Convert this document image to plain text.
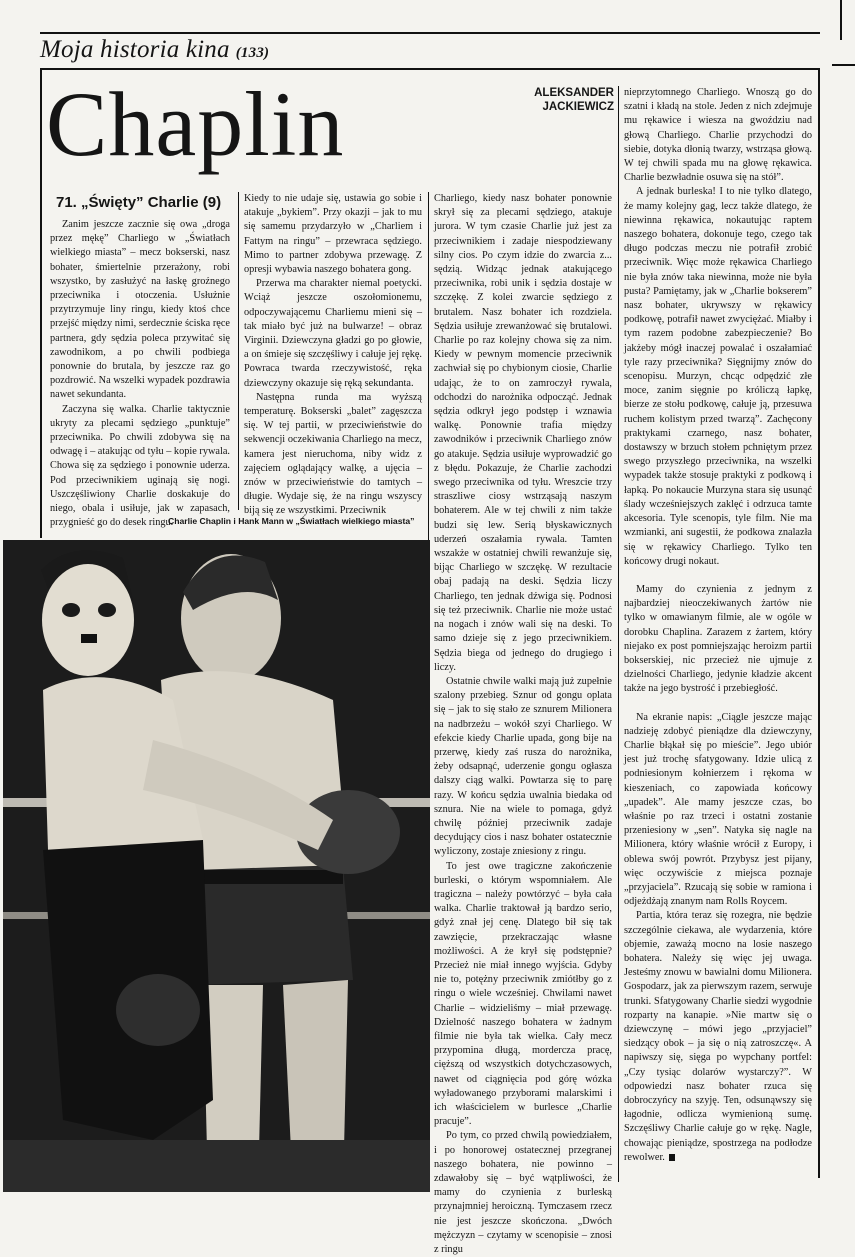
Moja historia kina (133)
Chaplin	ALEKSANDER
JACKIEWICZ
71. „Święty” Charlie (9)

Zanim jeszcze zacznie się owa „droga przez mękę” Charliego w „Światłach wielkiego miasta” – mecz bokserski, nasz bohater, śmiertelnie przerażony, robi wszystko, by zasłużyć na łaskę groźnego przeciwnika i otoczenia. Usłużnie przytrzymuje liny ringu, kiedy ktoś chce przejść między nimi, serdecznie ściska ręce partnera, gdy sędzia poleca przywitać się zawodnikom, a po chwili podbiega ponownie do brutala, by jeszcze raz go pozdrowić. Na wszelki wypadek pozdrawia nawet sekundanta.

Zaczyna się walka. Charlie taktycznie ukryty za plecami sędziego „punktuje” przeciwnika. Po chwili zdobywa się na odwagę i – atakując od tyłu – kopie rywala. Chowa się za sędziego i ponownie uderza. Pod przeciwnikiem uginają się nogi. Uszczęśliwiony Charlie doskakuje do niego, obala i usiłuje, jak w zapasach, przygnieść go do desek ringu.

Kiedy to nie udaje się, ustawia go sobie i atakuje „bykiem”. Przy okazji – jak to mu się samemu przydarzyło w „Charliem i Fattym na ringu” – przewraca sędziego. Mimo to partner zdobywa przewagę. Z opresji wybawia naszego bohatera gong.

Przerwa ma charakter niemal poetycki. Wciąż jeszcze oszołomionemu, odpoczywającemu Charliemu mieni się – tak miało być już na bulwarze! – obraz Virginii. Dziewczyna gładzi go po głowie, a on śmieje się szczęśliwy i całuje jej rękę. Powraca twarda rzeczywistość, ręka dziewczyny okazuje się ręką sekundanta.

Następna runda ma wyższą temperaturę. Bokserski „balet” zagęszcza się. W tej partii, w przeciwieństwie do sekwencji oczekiwania Charliego na mecz, kamera jest nieruchoma, niby widz z zajęciem oglądający walkę, a ujęcia – znów w przeciwieństwie do tamtych – długie. Wydaje się, że na ringu wszyscy biją się ze wszystkimi. Przeciwnik

Charlie Chaplin i Hank Mann w „Światłach wielkiego miasta”

Charliego, kiedy nasz bohater ponownie skrył się za plecami sędziego, atakuje jurora. W tym czasie Charlie już jest za przeciwnikiem i zadaje niespodziewany silny cios. Po czym idzie do zwarcia z... sędzią. Widząc jednak atakującego przeciwnika, robi unik i sędzia dostaje w szczękę. Z kolei zwarcie sędziego z brutalem. Nasz bohater ich rozdziela. Sędzia usiłuje zrewanżować się brutalowi. Charlie po raz kolejny chowa się za nim. Kiedy w pewnym momencie przeciwnik zachwiał się po chybionym ciosie, Charlie udając, że to on zamroczył rywala, odchodzi do narożnika odpocząć. Jednak sędzia odkrył jego podstęp i wznawia walkę. Ponownie trafia między zawodników i przeciwnik Charliego znów go atakuje. Sędzia usiłuje wyprowadzić go z błędu. Pokazuje, że Charlie zachodzi swego przeciwnika od tyłu. Wreszcie trzy straszliwe ciosy wstrząsają naszym bohaterem. Ale w tej chwili z nim także budzi się lew. Serią błyskawicznych uderzeń oszałamia rywala. Tamten wszakże w ostatniej chwili rewanżuje się, bijąc Charliego w szczękę. W rezultacie obaj padają na deski. Sędzia liczy Charliego, ten jednak dźwiga się. Podnosi się też przeciwnik. Charlie nie może ustać na nogach i znów wali się na deski. To samo dzieje się z jego przeciwnikiem. Sędzia biega od jednego do drugiego i liczy.

Ostatnie chwile walki mają już zupełnie szalony przebieg. Sznur od gongu oplata się – jak to się stało ze sznurem Milionera na nadbrzeżu – wokół szyi Charliego. W efekcie kiedy Charlie upada, gong bije na przerwę, kiedy zaś rusza do narożnika, żeby odsapnąć, uderzenie gongu ogłasza dalszy ciąg walki. Powtarza się to parę razy. W końcu sędzia uwalnia biedaka od sznura. Nie na wiele to pomaga, gdyż chwilę później przeciwnik zadaje decydujący cios i nasz bohater ostatecznie wyliczony, zostaje zniesiony z ringu.

To jest owe tragiczne zakończenie burleski, o którym wspomniałem. Ale tragiczna – należy powtórzyć – była cała walka. Charlie traktował ją bardzo serio, gdyż znał jej cenę. Dlatego bił się tak zawzięcie, przekraczając własne możliwości. A że krył się podstępnie? Przecież nie miał innego wyjścia. Gdyby nie to, potężny przeciwnik zmiótłby go z ringu o wiele wcześniej. Chwilami nawet Charlie – widzieliśmy – miał przewagę. Dzielność naszego bohatera w żadnym filmie nie była tak wielka. Cały mecz przypomina długą, mordercza pracę, cięższą od wszystkich dotychczasowych, nawet od ciągnięcia pod górę wózka wyładowanego przyborami malarskimi i ich właścicielem w burlesce „Charlie pracuje”.

Po tym, co przed chwilą powiedziałem, i po honorowej ostatecznej przegranej naszego bohatera, nie powinno – zdawałoby się – być wątpliwości, że mamy do czynienia z burleską przynajmniej heroiczną. Tymczasem rzecz nie jest jeszcze skończona. „Dwóch mężczyzn – czytamy w scenopisie – znosi z ringu

nieprzytomnego Charliego. Wnoszą go do szatni i kładą na stole. Jeden z nich zdejmuje mu rękawice i wiesza na gwoździu nad głową Charliego. Charlie przychodzi do siebie, dotyka dłonią twarzy, wstrząsa głową. W tej chwili spada mu na głowę rękawica. Charlie bezwładnie osuwa się na stół”.

A jednak burleska! I to nie tylko dlatego, że mamy kolejny gag, lecz także dlatego, że niewinna rękawica, nokautując raptem naszego bohatera, dokonuje tego, czego tak długo podczas meczu nie potrafił zrobić przeciwnik. Więc może rękawica Charliego nie była znów taka niewinna, może nie była pusta? Pamiętamy, jak w „Charlie bokserem” nasz bohater, ukrywszy w rękawicy podkowę, potrafił nawet zwyciężać. Miałby i tym razem podobne zabezpieczenie? Bo jakżeby mógł inaczej powalać i oszałamiać tyle razy przeciwnika? Sięgnijmy znów do scenopisu. Murzyn, chcąc odpędzić złe moce, zanim sięgnie po króliczą łapkę, bierze ze stołu podkowę, całuje ją, przesuwa ruchem kolistym przed twarzą”. Zachęcony praktykami czarnego, nasz bohater, dostawszy w brzuch stołem pchniętym przez swego przyszłego przeciwnika, na wszelki wypadek także stosuje praktyki z podkową i łapką. Po nokaucie Murzyna stara się usunąć ślady wcześniejszych zaklęć i odrzuca tamte akcesoria. Tyle scenopis, tyle film. Nie ma wzmianki, ani sugestii, że podkowa znalazła się w rękawicy Charliego. Tylko ten końcowy drugi nokaut.

Mamy do czynienia z jednym z najbardziej nieoczekiwanych żartów nie tylko w omawianym filmie, ale w ogóle w dorobku Chaplina. Zarazem z żartem, który niejako ex post pomniejszając heroizm partii bokserskiej, nic przecież nie ujmuje z dzielności Charliego, jedynie kładzie akcent także na jego bystrość i przebiegłość.

Na ekranie napis: „Ciągle jeszcze mając nadzieję zdobyć pieniądze dla dziewczyny, Charlie błąkał się po mieście”. Jego ubiór jest już trochę sfatygowany. Idzie ulicą z podniesionym kołnierzem i rękoma w kieszeniach, co zapowiada końcowy „upadek”. Ale mamy jeszcze czas, bo właśnie po raz trzeci i ostatni zostanie przeniesiony w „sen”. Natyka się nagle na Milionera, który właśnie wrócił z Europy, i oblewa swój powrót. Przybysz jest pijany, więc oczywiście z miejsca poznaje „przyjaciela”. Rzucają się sobie w ramiona i odjeżdżają znanym nam Rolls Roycem.

Partia, która teraz się rozegra, nie będzie szczególnie ciekawa, ale wydarzenia, które objemie, zaważą mocno na losie naszego bohatera. Należy się więc jej uwaga. Jesteśmy znowu w bawialni domu Milionera. Gospodarz, jak za pierwszym razem, serwuje trunki. Sfatygowany Charlie siedzi wygodnie rozparty na kanapie. »Nie martw się o dziewczynę – mówi jego „przyjaciel” siedzący obok – ja się o nią zatroszczę«. A napiwszy się, sięga po wypchany portfel: „Czy tysiąc dolarów wystarczy?”. W odpowiedzi nasz bohater rzuca się dobroczyńcy na szyję. Ten, odsunąwszy się łagodnie, odlicza wymienioną sumę. Szczęśliwy Charlie całuje go w rękę. Nagle, chowając pieniądze, spostrzega na podłodze rewolwer.
